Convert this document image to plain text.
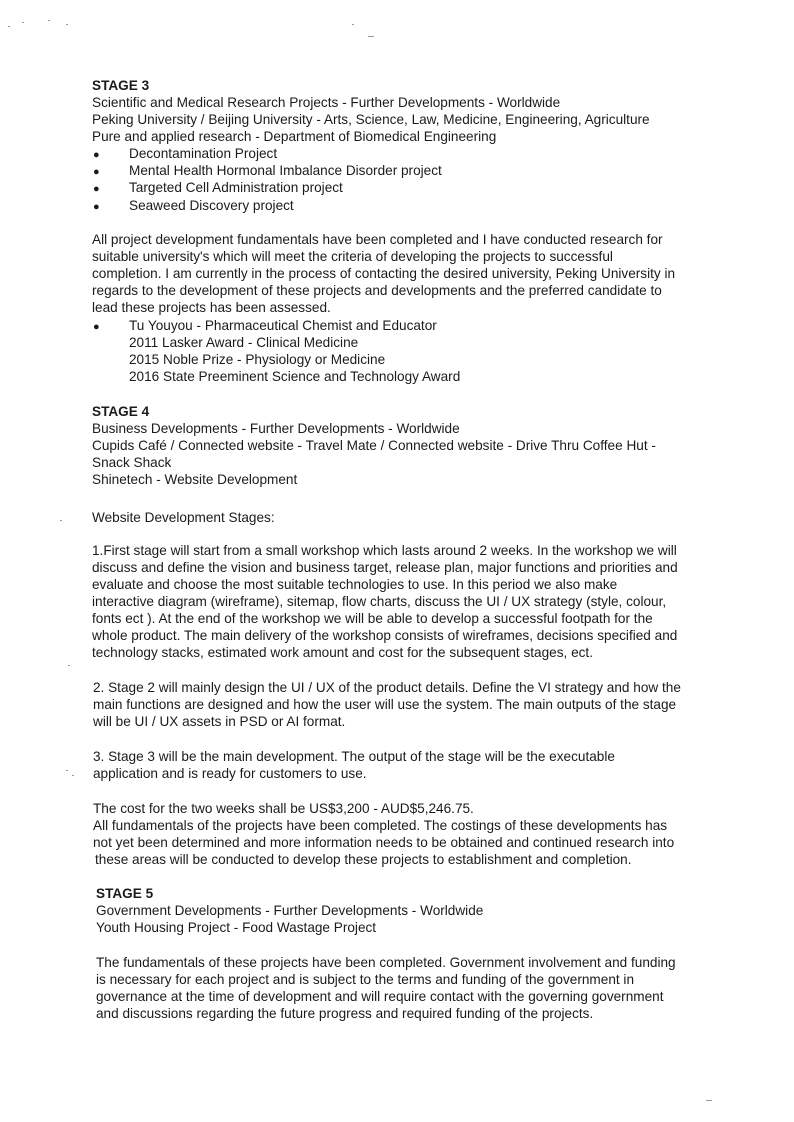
STAGE 3
Scientific and Medical Research Projects - Further Developments - Worldwide
Peking University / Beijing University - Arts, Science, Law, Medicine, Engineering, Agriculture
Pure and applied research - Department of Biomedical Engineering
● Decontamination Project
● Mental Health Hormonal Imbalance Disorder project
● Targeted Cell Administration project
● Seaweed Discovery project
All project development fundamentals have been completed and I have conducted research for
suitable university's which will meet the criteria of developing the projects to successful
completion. I am currently in the process of contacting the desired university, Peking University in
regards to the development of these projects and developments and the preferred candidate to
lead these projects has been assessed.
● Tu Youyou - Pharmaceutical Chemist and Educator
2011 Lasker Award - Clinical Medicine
2015 Noble Prize - Physiology or Medicine
2016 State Preeminent Science and Technology Award
STAGE 4
Business Developments - Further Developments - Worldwide
Cupids Café / Connected website - Travel Mate / Connected website - Drive Thru Coffee Hut -
Snack Shack
Shinetech - Website Development
Website Development Stages:
1.First stage will start from a small workshop which lasts around 2 weeks. In the workshop we will
discuss and define the vision and business target, release plan, major functions and priorities and
evaluate and choose the most suitable technologies to use. In this period we also make
interactive diagram (wireframe), sitemap, flow charts, discuss the UI / UX strategy (style, colour,
fonts ect ). At the end of the workshop we will be able to develop a successful footpath for the
whole product. The main delivery of the workshop consists of wireframes, decisions specified and
technology stacks, estimated work amount and cost for the subsequent stages, ect.
2. Stage 2 will mainly design the UI / UX of the product details. Define the VI strategy and how the
main functions are designed and how the user will use the system. The main outputs of the stage
will be UI / UX assets in PSD or AI format.
3. Stage 3 will be the main development. The output of the stage will be the executable
application and is ready for customers to use.
The cost for the two weeks shall be US$3,200 - AUD$5,246.75.
All fundamentals of the projects have been completed. The costings of these developments has
not yet been determined and more information needs to be obtained and continued research into
these areas will be conducted to develop these projects to establishment and completion.
STAGE 5
Government Developments - Further Developments - Worldwide
Youth Housing Project - Food Wastage Project
The fundamentals of these projects have been completed. Government involvement and funding
is necessary for each project and is subject to the terms and funding of the government in
governance at the time of development and will require contact with the governing government
and discussions regarding the future progress and required funding of the projects.
